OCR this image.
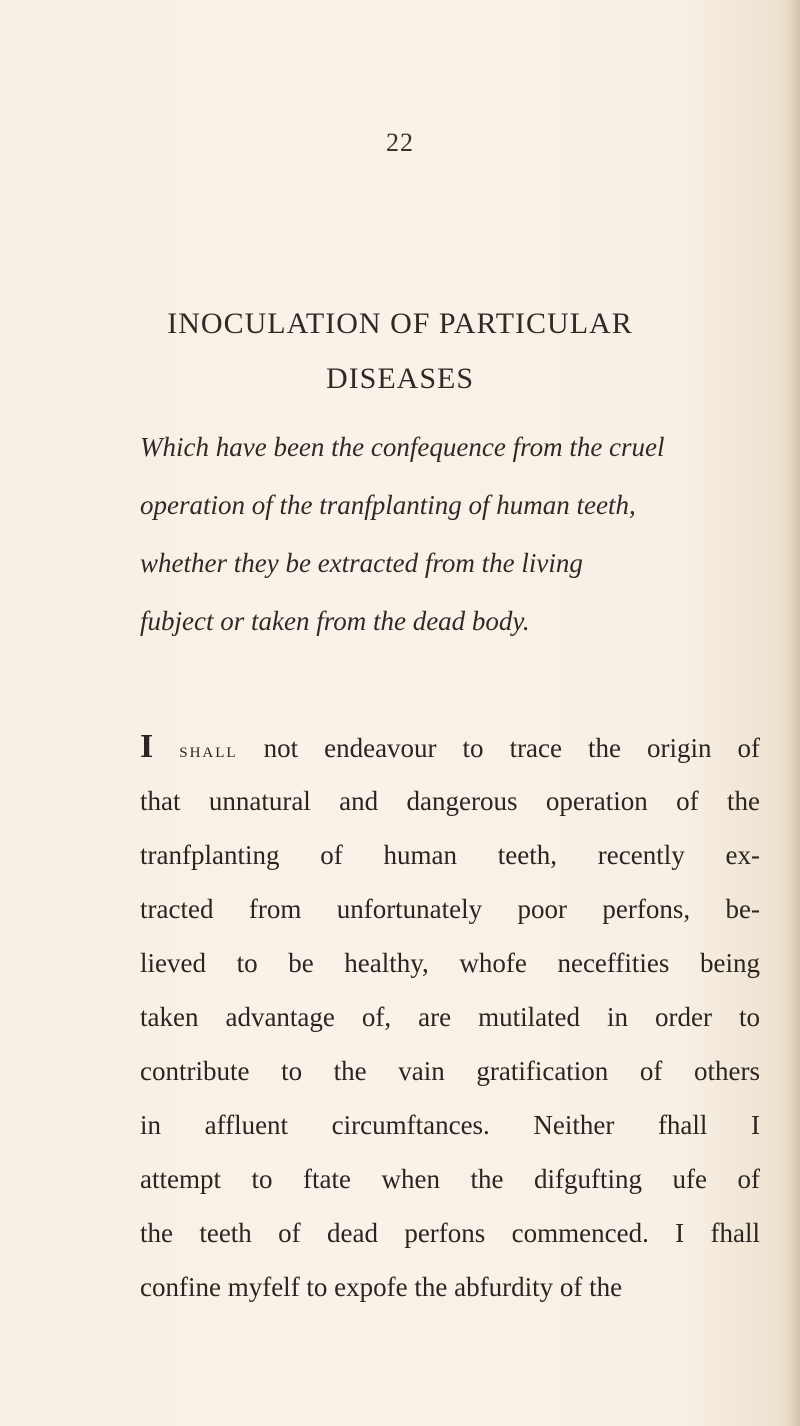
22
INOCULATION OF PARTICULAR
DISEASES
Which have been the confequence from the cruel
operation of the tranfplanting of human teeth,
whether they be extracted from the living
fubject or taken from the dead body.
I shall not endeavour to trace the origin of
that unnatural and dangerous operation of the
tranfplanting of human teeth, recently ex-
tracted from unfortunately poor perfons, be-
lieved to be healthy, whofe neceffities being
taken advantage of, are mutilated in order to
contribute to the vain gratification of others
in affluent circumftances. Neither fhall I
attempt to ftate when the difgufting ufe of
the teeth of dead perfons commenced. I fhall
confine myfelf to expofe the abfurdity of the
